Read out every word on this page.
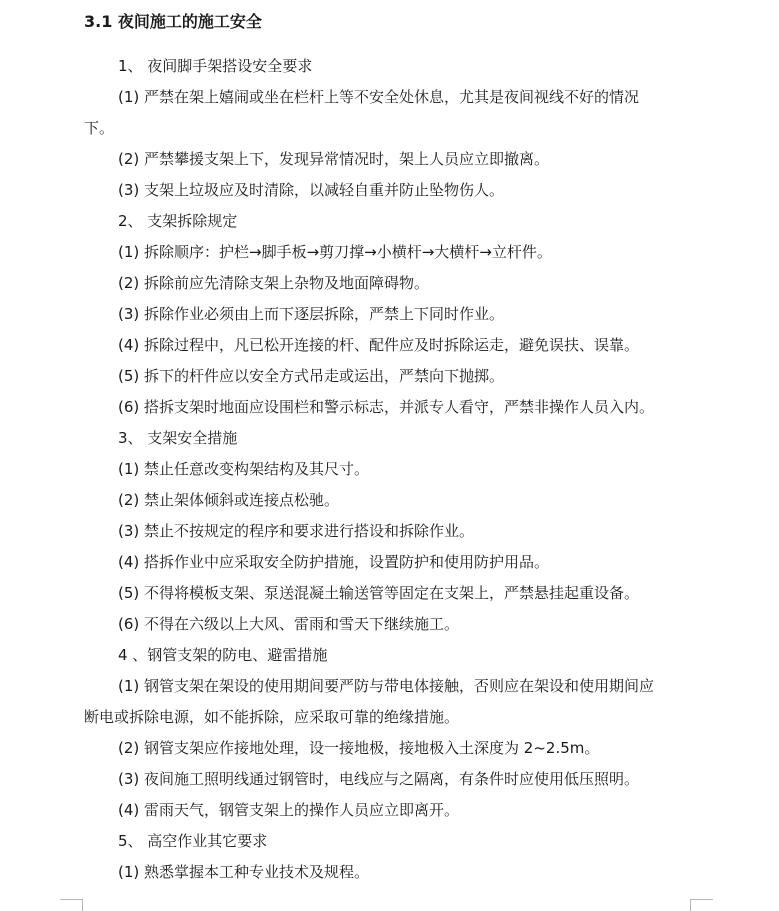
3.1 夜间施工的施工安全
1、 夜间脚手架搭设安全要求
(1) 严禁在架上嬉闹或坐在栏杆上等不安全处休息，尤其是夜间视线不好的情况
下。
(2) 严禁攀援支架上下，发现异常情况时，架上人员应立即撤离。
(3) 支架上垃圾应及时清除，以减轻自重并防止坠物伤人。
2、 支架拆除规定
(1) 拆除顺序：护栏→脚手板→剪刀撑→小横杆→大横杆→立杆件。
(2) 拆除前应先清除支架上杂物及地面障碍物。
(3) 拆除作业必须由上而下逐层拆除，严禁上下同时作业。
(4) 拆除过程中，凡已松开连接的杆、配件应及时拆除运走，避免误扶、误靠。
(5) 拆下的杆件应以安全方式吊走或运出，严禁向下抛掷。
(6) 搭拆支架时地面应设围栏和警示标志，并派专人看守，严禁非操作人员入内。
3、 支架安全措施
(1) 禁止任意改变构架结构及其尺寸。
(2) 禁止架体倾斜或连接点松驰。
(3) 禁止不按规定的程序和要求进行搭设和拆除作业。
(4) 搭拆作业中应采取安全防护措施，设置防护和使用防护用品。
(5) 不得将模板支架、泵送混凝土输送管等固定在支架上，严禁悬挂起重设备。
(6) 不得在六级以上大风、雷雨和雪天下继续施工。
4 、钢管支架的防电、避雷措施
(1) 钢管支架在架设的使用期间要严防与带电体接触，否则应在架设和使用期间应
断电或拆除电源，如不能拆除，应采取可靠的绝缘措施。
(2) 钢管支架应作接地处理，设一接地极，接地极入土深度为 2~2.5m。
(3) 夜间施工照明线通过钢管时，电线应与之隔离，有条件时应使用低压照明。
(4) 雷雨天气，钢管支架上的操作人员应立即离开。
5、 高空作业其它要求
(1) 熟悉掌握本工种专业技术及规程。
